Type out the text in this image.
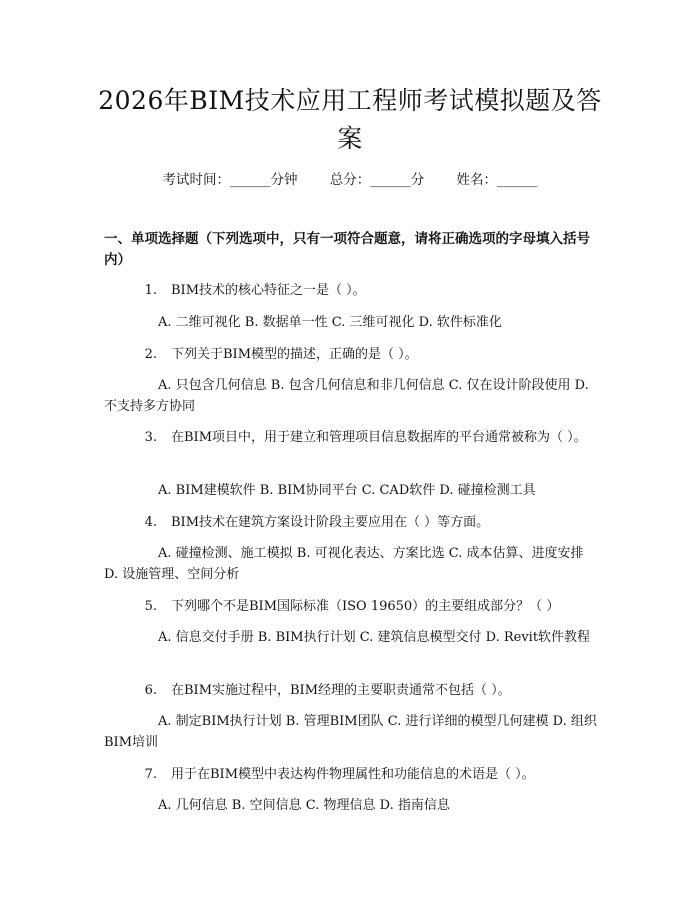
2026年BIM技术应用工程师考试模拟题及答案
考试时间：______分钟 总分：______分 姓名：______
一、单项选择题（下列选项中，只有一项符合题意，请将正确选项的字母填入括号内）
1. BIM技术的核心特征之一是（ ）。
A. 二维可视化 B. 数据单一性 C. 三维可视化 D. 软件标准化
2. 下列关于BIM模型的描述，正确的是（ ）。
A. 只包含几何信息 B. 包含几何信息和非几何信息 C. 仅在设计阶段使用 D. 不支持多方协同
3. 在BIM项目中，用于建立和管理项目信息数据库的平台通常被称为（ ）。
A. BIM建模软件 B. BIM协同平台 C. CAD软件 D. 碰撞检测工具
4. BIM技术在建筑方案设计阶段主要应用在（ ）等方面。
A. 碰撞检测、施工模拟 B. 可视化表达、方案比选 C. 成本估算、进度安排 D. 设施管理、空间分析
5. 下列哪个不是BIM国际标准（ISO 19650）的主要组成部分？（ ）
A. 信息交付手册 B. BIM执行计划 C. 建筑信息模型交付 D. Revit软件教程
6. 在BIM实施过程中，BIM经理的主要职责通常不包括（ ）。
A. 制定BIM执行计划 B. 管理BIM团队 C. 进行详细的模型几何建模 D. 组织BIM培训
7. 用于在BIM模型中表达构件物理属性和功能信息的术语是（ ）。
A. 几何信息 B. 空间信息 C. 物理信息 D. 指南信息
